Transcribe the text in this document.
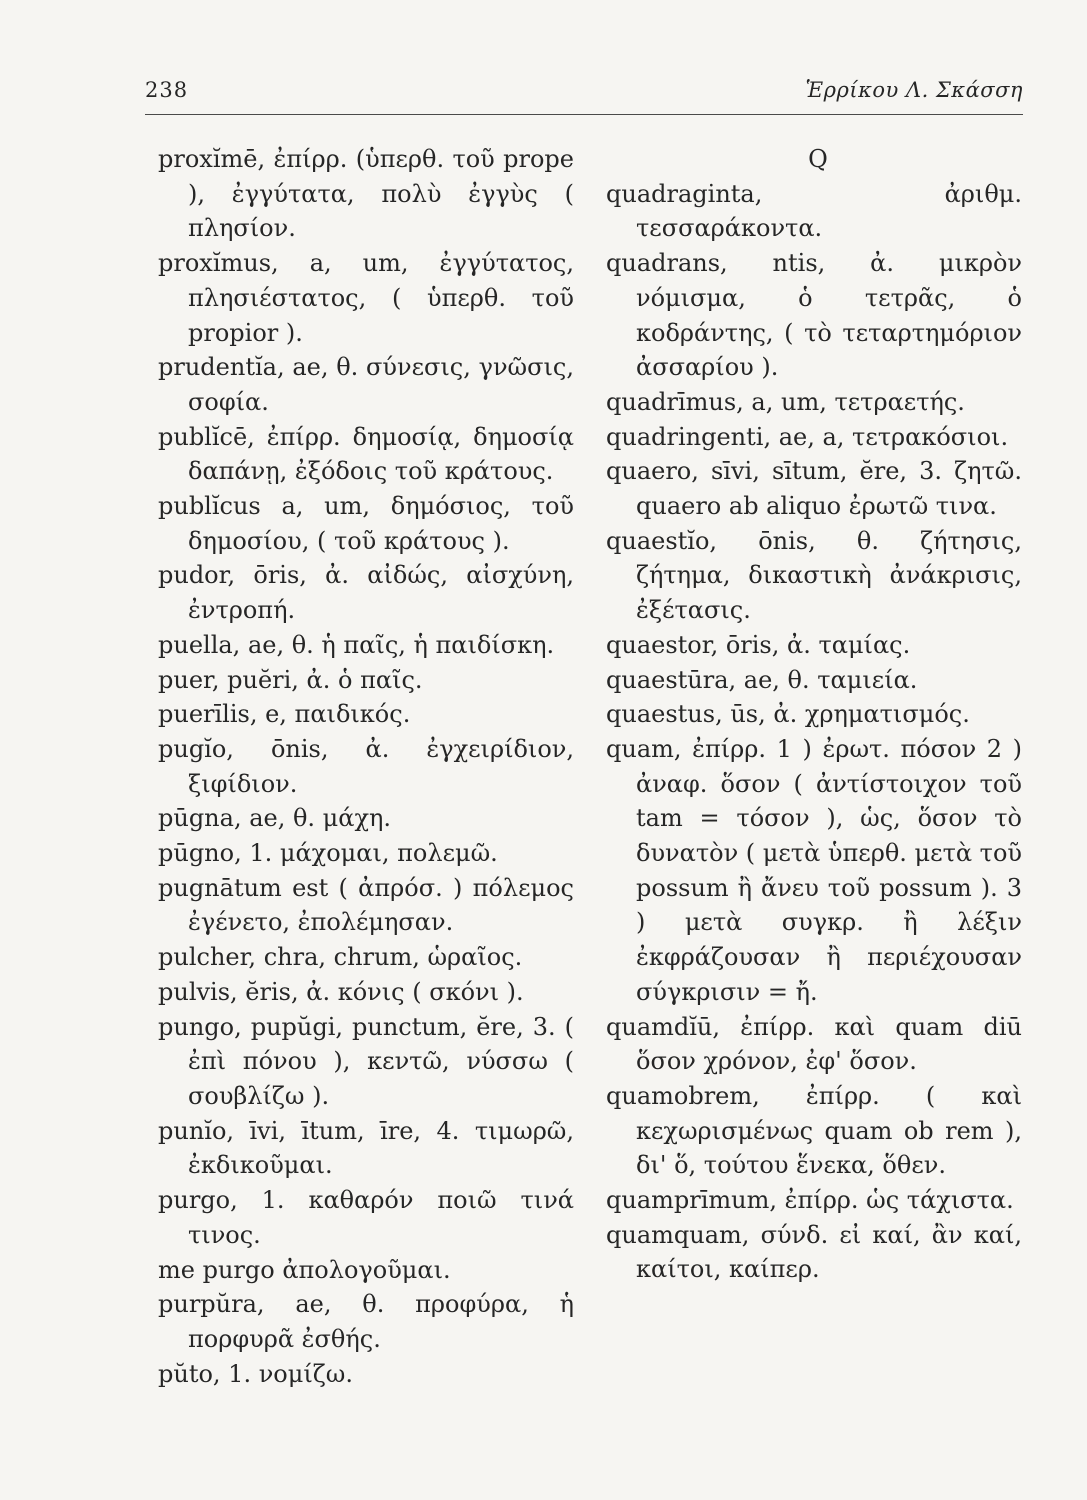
238	Ἑρρίκου Λ. Σκάσση
proxĭmē, ἐπίρρ. (ὑπερθ. τοῦ prope ), ἐγγύτατα, πολὺ ἐγγὺς ( πλησίον.
proxĭmus, a, um, ἐγγύτατος, πλησιέστατος, ( ὑπερθ. τοῦ propior ).
prudentĭa, ae, θ. σύνεσις, γνῶσις, σοφία.
publĭcē, ἐπίρρ. δημοσίᾳ, δημοσίᾳ δαπάνῃ, ἐξόδοις τοῦ κράτους.
publĭcus a, um, δημόσιος, τοῦ δημοσίου, ( τοῦ κράτους ).
pudor, ōris, ἀ. αἰδώς, αἰσχύνη, ἐντροπή.
puella, ae, θ. ἡ παῖς, ἡ παιδίσκη.
puer, puĕri, ἀ. ὁ παῖς.
puerīlis, e, παιδικός.
pugĭo, ōnis, ἀ. ἐγχειρίδιον, ξιφίδιον.
pūgna, ae, θ. μάχη.
pūgno, 1. μάχομαι, πολεμῶ.
pugnātum est ( ἀπρόσ. ) πόλεμος ἐγένετο, ἐπολέμησαν.
pulcher, chra, chrum, ὡραῖος.
pulvis, ĕris, ἀ. κόνις ( σκόνι ).
pungo, pupŭgi, punctum, ĕre, 3. ( ἐπὶ πόνου ), κεντῶ, νύσσω ( σουβλίζω ).
punĭo, īvi, ītum, īre, 4. τιμωρῶ, ἐκδικοῦμαι.
purgo, 1. καθαρόν ποιῶ τινά τινος.
me purgo ἀπολογοῦμαι.
purpŭra, ae, θ. προφύρα, ἡ πορφυρᾶ ἐσθής.
pŭto, 1. νομίζω.
Q
quadraginta, ἀριθμ. τεσσαράκοντα.
quadrans, ntis, ἀ. μικρὸν νόμισμα, ὁ τετρᾶς, ὁ κοδράντης, ( τὸ τεταρτημόριον ἀσσαρίου ).
quadrīmus, a, um, τετραετής.
quadringenti, ae, a, τετρακόσιοι.
quaero, sīvi, sītum, ĕre, 3. ζητῶ. quaero ab aliquo ἐρωτῶ τινα.
quaestĭo, ōnis, θ. ζήτησις, ζήτημα, δικαστικὴ ἀνάκρισις, ἐξέτασις.
quaestor, ōris, ἀ. ταμίας.
quaestūra, ae, θ. ταμιεία.
quaestus, ūs, ἀ. χρηματισμός.
quam, ἐπίρρ. 1 ) ἐρωτ. πόσον 2 ) ἀναφ. ὅσον ( ἀντίστοιχον τοῦ tam = τόσον ), ὡς, ὅσον τὸ δυνατὸν ( μετὰ ὑπερθ. μετὰ τοῦ possum ἢ ἄνευ τοῦ possum ). 3 ) μετὰ συγκρ. ἢ λέξιν ἐκφράζουσαν ἢ περιέχουσαν σύγκρισιν = ἤ.
quamdĭū, ἐπίρρ. καὶ quam diū ὅσον χρόνον, ἐφ' ὅσον.
quamobrem, ἐπίρρ. ( καὶ κεχωρισμένως quam ob rem ), δι' ὅ, τούτου ἕνεκα, ὅθεν.
quamprīmum, ἐπίρρ. ὡς τάχιστα.
quamquam, σύνδ. εἰ καί, ἂν καί, καίτοι, καίπερ.
